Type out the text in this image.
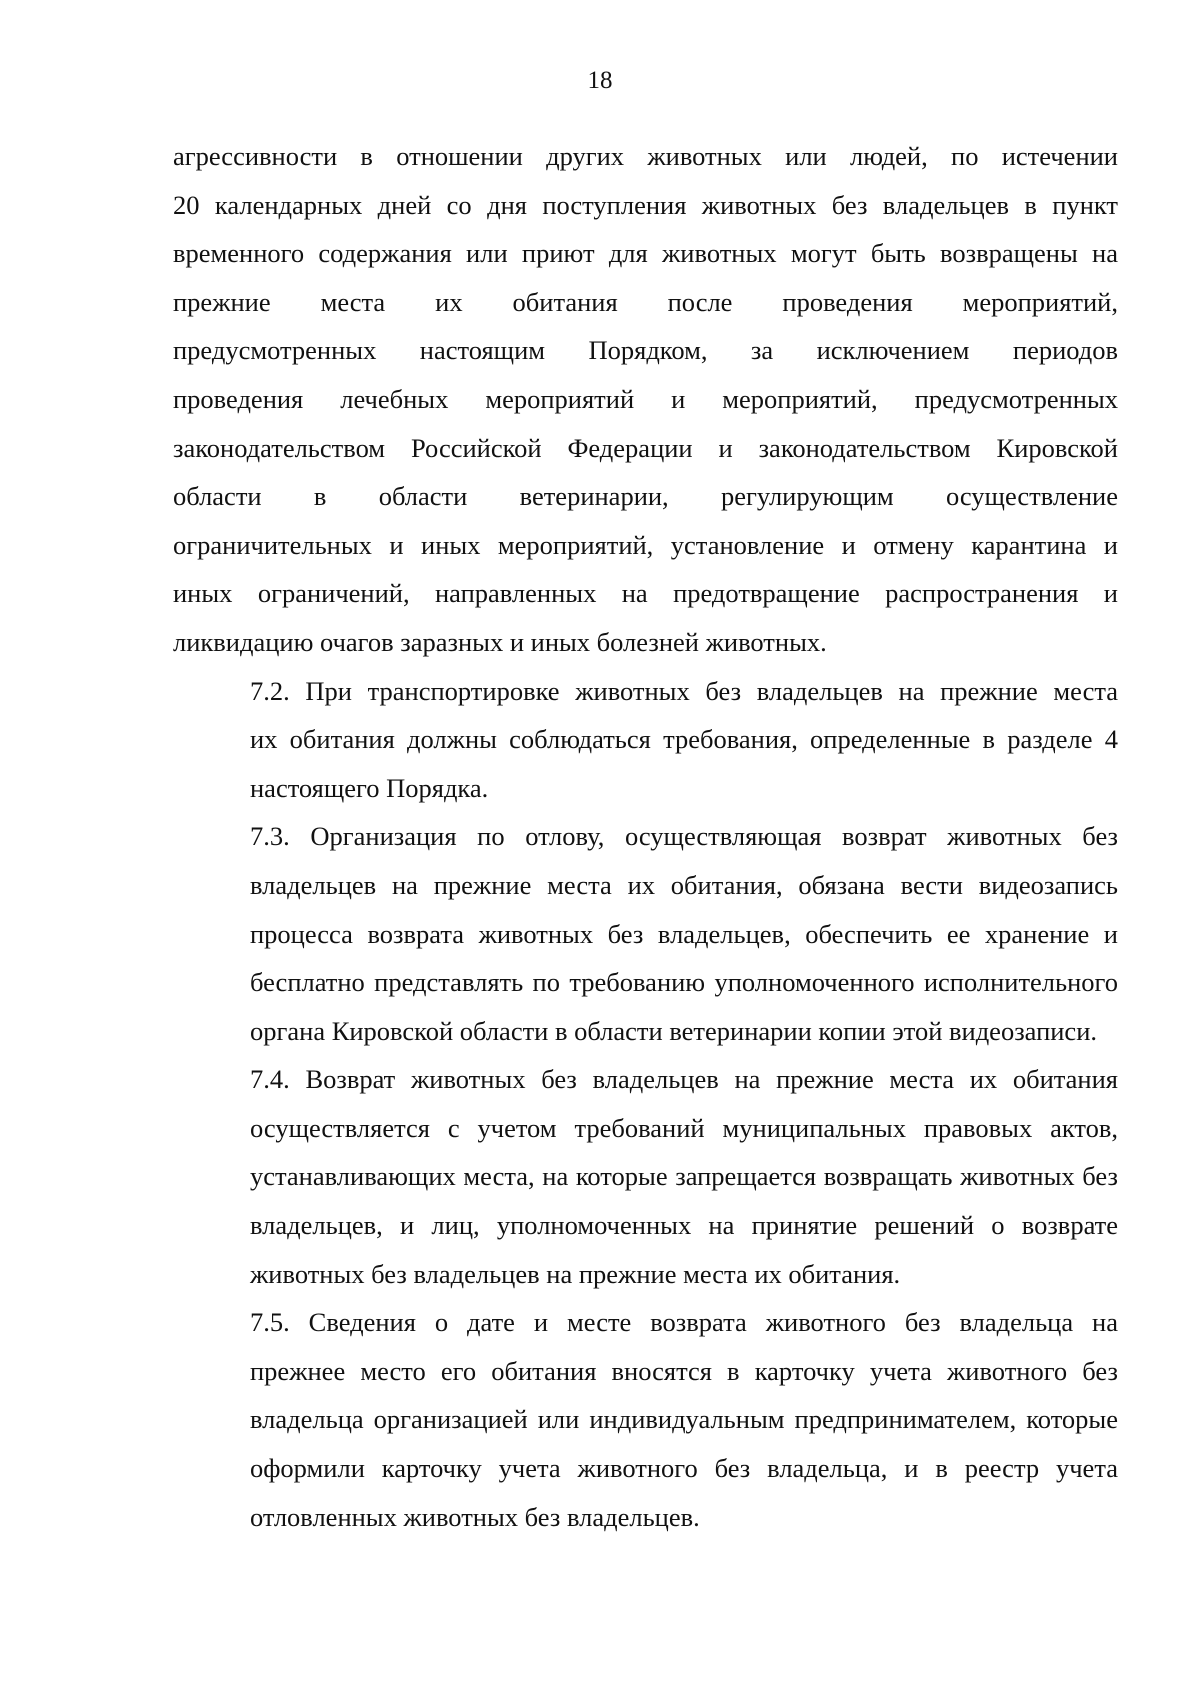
18
агрессивности в отношении других животных или людей, по истечении
20 календарных дней со дня поступления животных без владельцев в пункт
временного содержания или приют для животных могут быть возвращены на
прежние места их обитания после проведения мероприятий,
предусмотренных настоящим Порядком, за исключением периодов
проведения лечебных мероприятий и мероприятий, предусмотренных
законодательством Российской Федерации и законодательством Кировской
области в области ветеринарии, регулирующим осуществление
ограничительных и иных мероприятий, установление и отмену карантина и
иных ограничений, направленных на предотвращение распространения и
ликвидацию очагов заразных и иных болезней животных.
7.2. При транспортировке животных без владельцев на прежние места
их обитания должны соблюдаться требования, определенные в разделе 4
настоящего Порядка.
7.3. Организация по отлову, осуществляющая возврат животных без
владельцев на прежние места их обитания, обязана вести видеозапись
процесса возврата животных без владельцев, обеспечить ее хранение и
бесплатно представлять по требованию уполномоченного исполнительного
органа Кировской области в области ветеринарии копии этой видеозаписи.
7.4. Возврат животных без владельцев на прежние места их обитания
осуществляется с учетом требований муниципальных правовых актов,
устанавливающих места, на которые запрещается возвращать животных без
владельцев, и лиц, уполномоченных на принятие решений о возврате
животных без владельцев на прежние места их обитания.
7.5. Сведения о дате и месте возврата животного без владельца на
прежнее место его обитания вносятся в карточку учета животного без
владельца организацией или индивидуальным предпринимателем, которые
оформили карточку учета животного без владельца, и в реестр учета
отловленных животных без владельцев.
